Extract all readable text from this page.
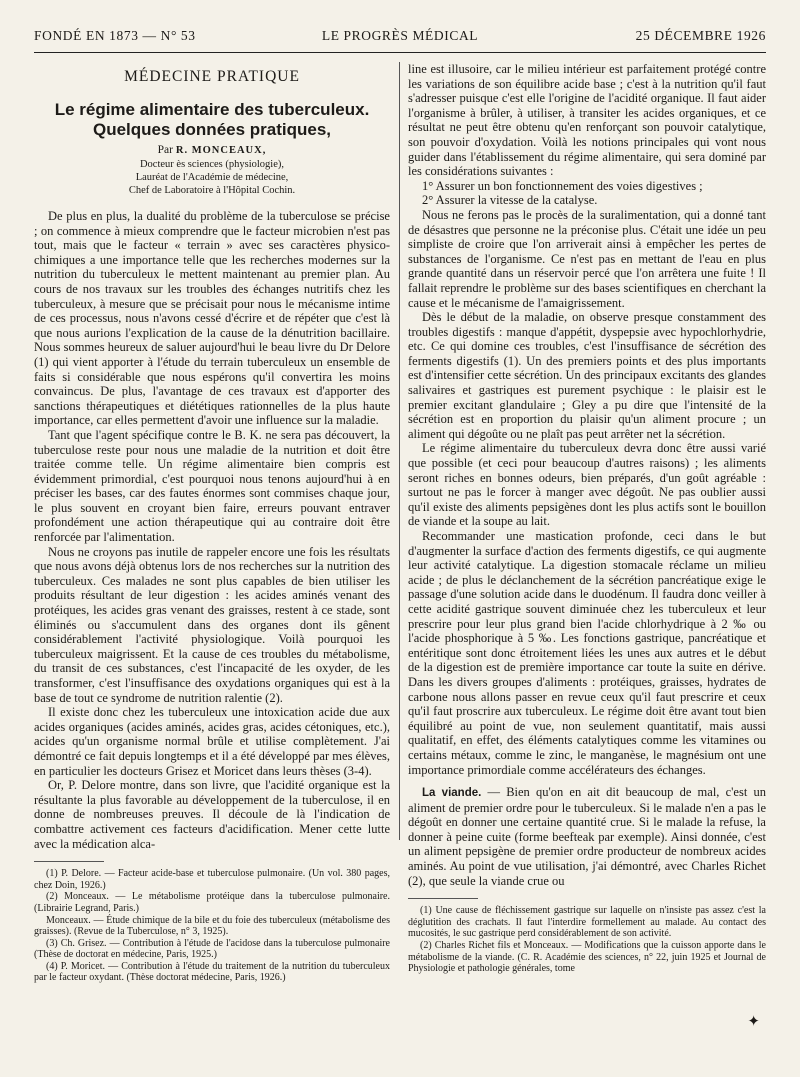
FONDÉ EN 1873 — N° 53	LE PROGRÈS MÉDICAL	25 DÉCEMBRE 1926
MÉDECINE PRATIQUE
Le régime alimentaire des tuberculeux.
Quelques données pratiques,
Par R. MONCEAUX,
Docteur ès sciences (physiologie),
Lauréat de l'Académie de médecine,
Chef de Laboratoire à l'Hôpital Cochin.

De plus en plus, la dualité du problème de la tuberculose se précise ; on commence à mieux comprendre que le facteur microbien n'est pas tout, mais que le facteur « terrain » avec ses caractères physico-chimiques a une importance telle que les recherches modernes sur la nutrition du tuberculeux le mettent maintenant au premier plan. Au cours de nos travaux sur les troubles des échanges nutritifs chez les tuberculeux, à mesure que se précisait pour nous le mécanisme intime de ces processus, nous n'avons cessé d'écrire et de répéter que c'est là que nous aurions l'explication de la cause de la dénutrition bacillaire. Nous sommes heureux de saluer aujourd'hui le beau livre du Dr Delore (1) qui vient apporter à l'étude du terrain tuberculeux un ensemble de faits si considérable que nous espérons qu'il convertira les moins convaincus. De plus, l'avantage de ces travaux est d'apporter des sanctions thérapeutiques et diététiques rationnelles de la plus haute importance, car elles permettent d'avoir une influence sur la maladie.

Tant que l'agent spécifique contre le B. K. ne sera pas découvert, la tuberculose reste pour nous une maladie de la nutrition et doit être traitée comme telle. Un régime alimentaire bien compris est évidemment primordial, c'est pourquoi nous tenons aujourd'hui à en préciser les bases, car des fautes énormes sont commises chaque jour, le plus souvent en croyant bien faire, erreurs pouvant entraver profondément une action thérapeutique qui au contraire doit être renforcée par l'alimentation.

Nous ne croyons pas inutile de rappeler encore une fois les résultats que nous avons déjà obtenus lors de nos recherches sur la nutrition des tuberculeux. Ces malades ne sont plus capables de bien utiliser les produits résultant de leur digestion : les acides aminés venant des protéiques, les acides gras venant des graisses, restent à ce stade, sont éliminés ou s'accumulent dans des organes dont ils gênent considérablement l'activité physiologique. Voilà pourquoi les tuberculeux maigrissent. Et la cause de ces troubles du métabolisme, du transit de ces substances, c'est l'incapacité de les oxyder, de les transformer, c'est l'insuffisance des oxydations organiques qui est à la base de tout ce syndrome de nutrition ralentie (2).

Il existe donc chez les tuberculeux une intoxication acide due aux acides organiques (acides aminés, acides gras, acides cétoniques, etc.), acides qu'un organisme normal brûle et utilise complètement. J'ai démontré ce fait depuis longtemps et il a été développé par mes élèves, en particulier les docteurs Grisez et Moricet dans leurs thèses (3-4).

Or, P. Delore montre, dans son livre, que l'acidité organique est la résultante la plus favorable au développement de la tuberculose, il en donne de nombreuses preuves. Il découle de là l'indication de combattre activement ces facteurs d'acidification. Mener cette lutte avec la médication alca-

(1) P. Delore. — Facteur acide-base et tuberculose pulmonaire. (Un vol. 380 pages, chez Doin, 1926.)
(2) Monceaux. — Le métabolisme protéique dans la tuberculose pulmonaire. (Librairie Legrand, Paris.)
Monceaux. — Étude chimique de la bile et du foie des tuberculeux (métabolisme des graisses). (Revue de la Tuberculose, n° 3, 1925).
(3) Ch. Grisez. — Contribution à l'étude de l'acidose dans la tuberculose pulmonaire (Thèse de doctorat en médecine, Paris, 1925.)
(4) P. Moricet. — Contribution à l'étude du traitement de la nutrition du tuberculeux par le facteur oxydant. (Thèse doctorat médecine, Paris, 1926.)

line est illusoire, car le milieu intérieur est parfaitement protégé contre les variations de son équilibre acide base ; c'est à la nutrition qu'il faut s'adresser puisque c'est elle l'origine de l'acidité organique. Il faut aider l'organisme à brûler, à utiliser, à transiter les acides organiques, et ce résultat ne peut être obtenu qu'en renforçant son pouvoir catalytique, son pouvoir d'oxydation. Voilà les notions principales qui vont nous guider dans l'établissement du régime alimentaire, qui sera dominé par les considérations suivantes :

1° Assurer un bon fonctionnement des voies digestives ;

2° Assurer la vitesse de la catalyse.

Nous ne ferons pas le procès de la suralimentation, qui a donné tant de désastres que personne ne la préconise plus. C'était une idée un peu simpliste de croire que l'on arriverait ainsi à empêcher les pertes de substances de l'organisme. Ce n'est pas en mettant de l'eau en plus grande quantité dans un réservoir percé que l'on arrêtera une fuite ! Il fallait reprendre le problème sur des bases scientifiques en cherchant la cause et le mécanisme de l'amaigrissement.

Dès le début de la maladie, on observe presque constamment des troubles digestifs : manque d'appétit, dyspepsie avec hypochlorhydrie, etc. Ce qui domine ces troubles, c'est l'insuffisance de sécrétion des ferments digestifs (1). Un des premiers points et des plus importants est d'intensifier cette sécrétion. Un des principaux excitants des glandes salivaires et gastriques est purement psychique : le plaisir est le premier excitant glandulaire ; Gley a pu dire que l'intensité de la sécrétion est en proportion du plaisir qu'un aliment procure ; un aliment qui dégoûte ou ne plaît pas peut arrêter net la sécrétion.

Le régime alimentaire du tuberculeux devra donc être aussi varié que possible (et ceci pour beaucoup d'autres raisons) ; les aliments seront riches en bonnes odeurs, bien préparés, d'un goût agréable : surtout ne pas le forcer à manger avec dégoût. Ne pas oublier aussi qu'il existe des aliments pepsigènes dont les plus actifs sont le bouillon de viande et la soupe au lait.

Recommander une mastication profonde, ceci dans le but d'augmenter la surface d'action des ferments digestifs, ce qui augmente leur activité catalytique. La digestion stomacale réclame un milieu acide ; de plus le déclanchement de la sécrétion pancréatique exige le passage d'une solution acide dans le duodénum. Il faudra donc veiller à cette acidité gastrique souvent diminuée chez les tuberculeux et leur prescrire pour leur plus grand bien l'acide chlorhydrique à 2 ‰ ou l'acide phosphorique à 5 ‰. Les fonctions gastrique, pancréatique et entéritique sont donc étroitement liées les unes aux autres et le début de la digestion est de première importance car toute la suite en dérive. Dans les divers groupes d'aliments : protéiques, graisses, hydrates de carbone nous allons passer en revue ceux qu'il faut prescrire et ceux qu'il faut proscrire aux tuberculeux. Le régime doit être avant tout bien équilibré au point de vue, non seulement quantitatif, mais aussi qualitatif, en effet, des éléments catalytiques comme les vitamines ou certains métaux, comme le zinc, le manganèse, le magnésium ont une importance primordiale comme accélérateurs des échanges.

La viande. — Bien qu'on en ait dit beaucoup de mal, c'est un aliment de premier ordre pour le tuberculeux. Si le malade n'en a pas le dégoût en donner une certaine quantité crue. Si le malade la refuse, la donner à peine cuite (forme beefteak par exemple). Ainsi donnée, c'est un aliment pepsigène de premier ordre producteur de nombreux acides aminés. Au point de vue utilisation, j'ai démontré, avec Charles Richet (2), que seule la viande crue ou

(1) Une cause de fléchissement gastrique sur laquelle on n'insiste pas assez c'est la déglutition des crachats. Il faut l'interdire formellement au malade. Au contact des mucosités, le suc gastrique perd considérablement de son activité.
(2) Charles Richet fils et Monceaux. — Modifications que la cuisson apporte dans le métabolisme de la viande. (C. R. Académie des sciences, n° 22, juin 1925 et Journal de Physiologie et pathologie générales, tome
✦
